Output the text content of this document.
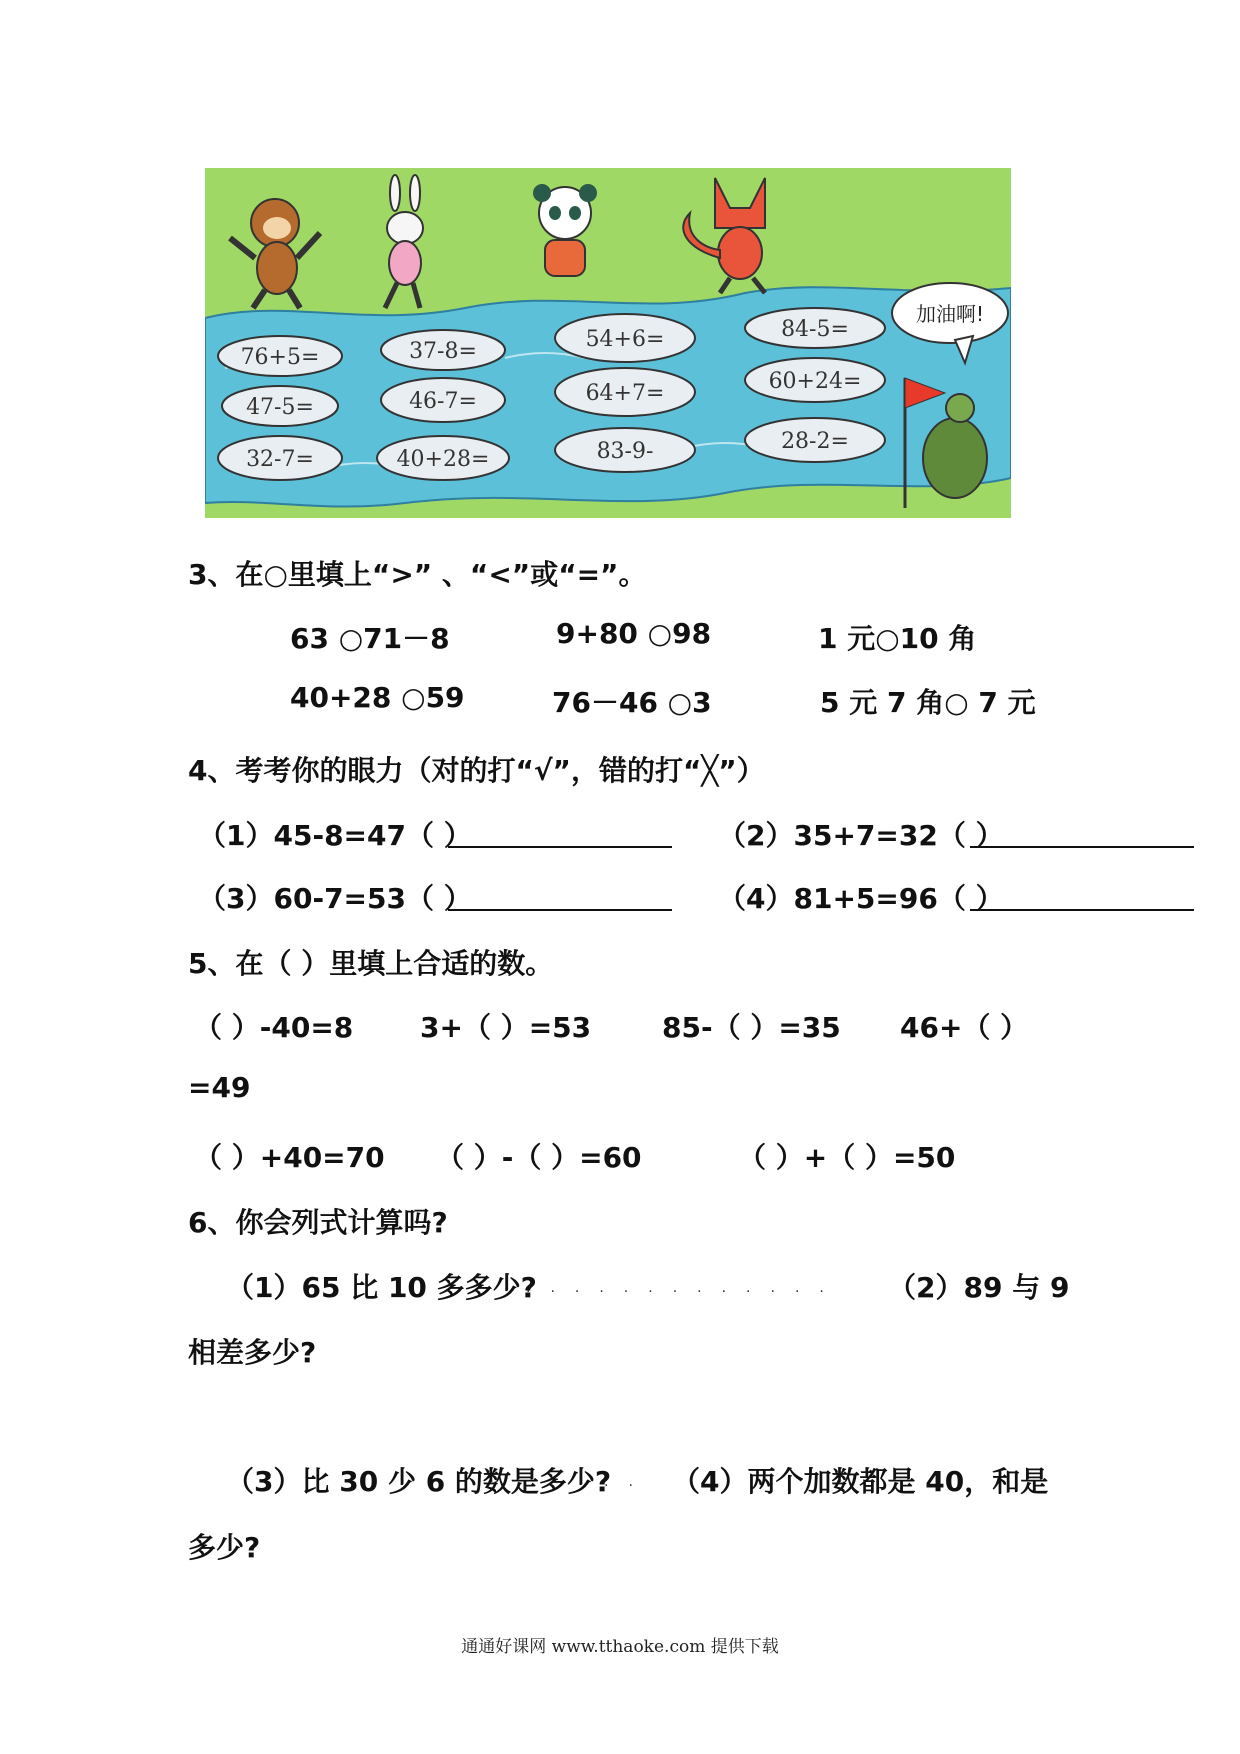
76+5=
47-5=
32-7=
37-8=
46-7=
40+28=
54+6=
64+7=
83-9-
84-5=
60+24=
28-2=
加油啊!
3、在○里填上“>” 、“<”或“=”。
63 ○71－8	9+80 ○98	1 元○10 角
40+28 ○59	76－46 ○3	5 元 7 角○ 7 元
4、考考你的眼力（对的打“√”，错的打“╳”）
（1）45-8=47（ ）	（2）35+7=32（ ）
（3）60-7=53（ ）	（4）81+5=96（ ）
5、在（ ）里填上合适的数。
（ ）-40=8 3+（ ）=53	85-（ ）=35 46+（ ）
=49
（ ）+40=70 （ ）-（ ）=60	（ ）+（ ）=50
6、你会列式计算吗?
（1）65 比 10 多多少?
............. （2）89 与 9
相差多少?
（3）比 30 少 6 的数是多少?
.. （4）两个加数都是 40，和是
多少?
通通好课网 www.tthaoke.com 提供下载
